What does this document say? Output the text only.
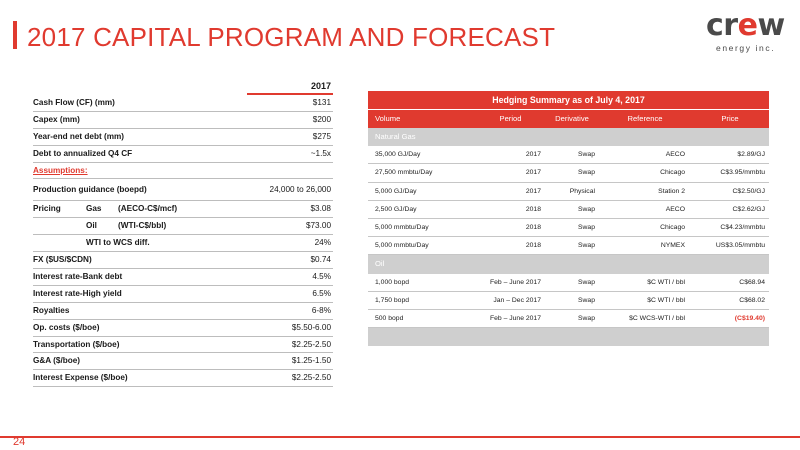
2017 CAPITAL PROGRAM AND FORECAST	crew
energy inc.
2017
Cash Flow (CF) (mm)	$131
Capex (mm)	$200
Year-end net debt (mm)	$275
Debt to annualized Q4 CF	~1.5x
Assumptions:
Production guidance (boepd)	24,000 to 26,000
Pricing	Gas (AECO-C$/mcf)	$3.08
Oil	(WTI-C$/bbl)	$73.00
WTI to WCS diff.	24%
FX ($US/$CDN)	$0.74
Interest rate-Bank debt	4.5%
Interest rate-High yield	6.5%
Royalties	6-8%
Op. costs ($/boe)	$5.50-6.00
Transportation ($/boe)	$2.25-2.50
G&A ($/boe)	$1.25-1.50
Interest Expense ($/boe)	$2.25-2.50
Hedging Summary as of July 4, 2017
Volume	Period	Derivative	Reference	Price
Natural Gas
35,000 GJ/Day	2017	Swap	AECO	$2.89/GJ
27,500 mmbtu/Day	2017	Swap	Chicago	C$3.95/mmbtu
5,000 GJ/Day	2017	Physical	Station 2	C$2.50/GJ
2,500 GJ/Day	2018	Swap	AECO	C$2.62/GJ
5,000 mmbtu/Day	2018	Swap	Chicago	C$4.23/mmbtu
5,000 mmbtu/Day	2018	Swap	NYMEX	US$3.05/mmbtu
Oil
1,000 bopd	Feb – June 2017	Swap	$C WTI / bbl	C$68.94
1,750 bopd	Jan – Dec 2017	Swap	$C WTI / bbl	C$68.02
500 bopd	Feb – June 2017	Swap	$C WCS-WTI / bbl	(C$19.40)
24
